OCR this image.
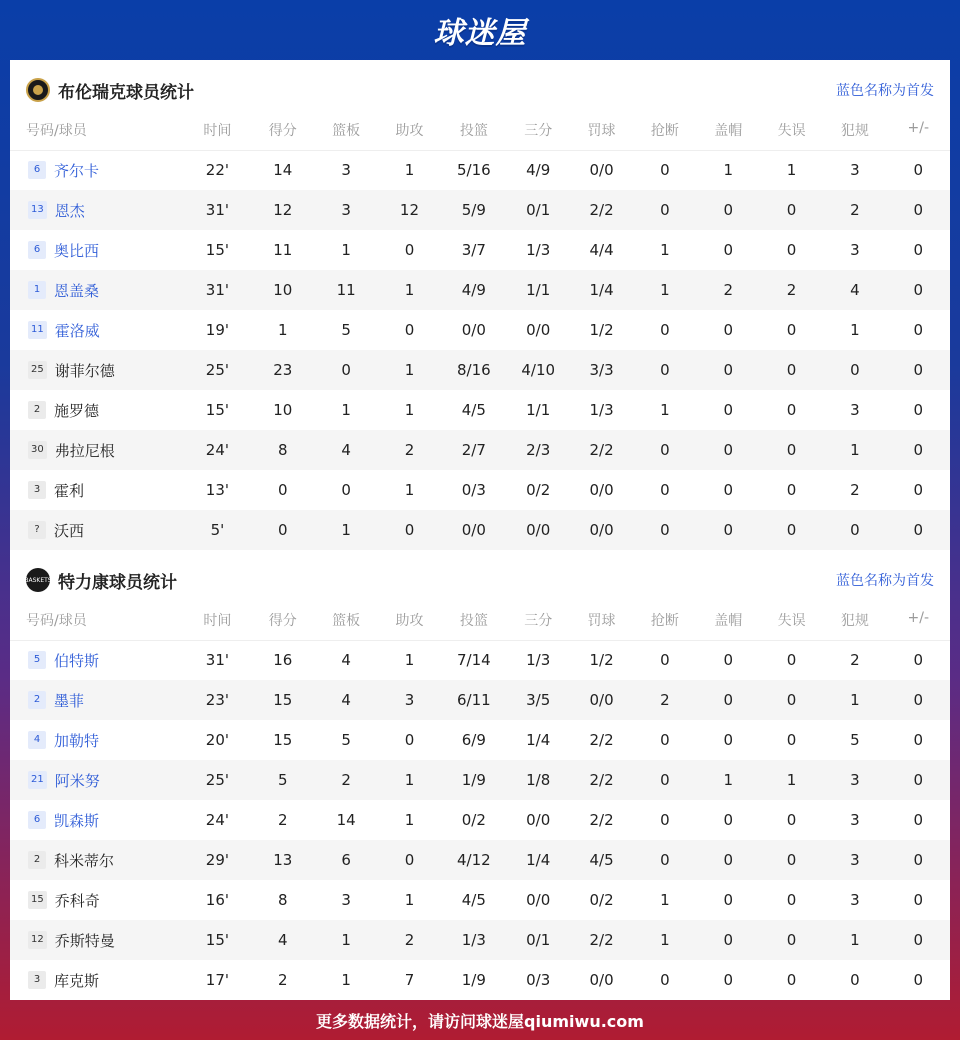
球迷屋
布伦瑞克球员统计	蓝色名称为首发
号码/球员	时间	得分	篮板	助攻	投篮	三分	罚球	抢断	盖帽	失误	犯规	+/-
6 齐尔卡	22'	14	3	1	5/16	4/9	0/0	0	1	1	3	0
13 恩杰	31'	12	3	12	5/9	0/1	2/2	0	0	0	2	0
6 奥比西	15'	11	1	0	3/7	1/3	4/4	1	0	0	3	0
1 恩盖桑	31'	10	11	1	4/9	1/1	1/4	1	2	2	4	0
11 霍洛威	19'	1	5	0	0/0	0/0	1/2	0	0	0	1	0
25 谢菲尔德	25'	23	0	1	8/16	4/10	3/3	0	0	0	0	0
2 施罗德	15'	10	1	1	4/5	1/1	1/3	1	0	0	3	0
30 弗拉尼根	24'	8	4	2	2/7	2/3	2/2	0	0	0	1	0
3 霍利	13'	0	0	1	0/3	0/2	0/0	0	0	0	2	0
? 沃西	5'	0	1	0	0/0	0/0	0/0	0	0	0	0	0
BASKETS 特力康球员统计	蓝色名称为首发
号码/球员	时间	得分	篮板	助攻	投篮	三分	罚球	抢断	盖帽	失误	犯规	+/-
5 伯特斯	31'	16	4	1	7/14	1/3	1/2	0	0	0	2	0
2 墨菲	23'	15	4	3	6/11	3/5	0/0	2	0	0	1	0
4 加勒特	20'	15	5	0	6/9	1/4	2/2	0	0	0	5	0
21 阿米努	25'	5	2	1	1/9	1/8	2/2	0	1	1	3	0
6 凯森斯	24'	2	14	1	0/2	0/0	2/2	0	0	0	3	0
2 科米蒂尔	29'	13	6	0	4/12	1/4	4/5	0	0	0	3	0
15 乔科奇	16'	8	3	1	4/5	0/0	0/2	1	0	0	3	0
12 乔斯特曼	15'	4	1	2	1/3	0/1	2/2	1	0	0	1	0
3 库克斯	17'	2	1	7	1/9	0/3	0/0	0	0	0	0	0
更多数据统计，请访问球迷屋qiumiwu.com
